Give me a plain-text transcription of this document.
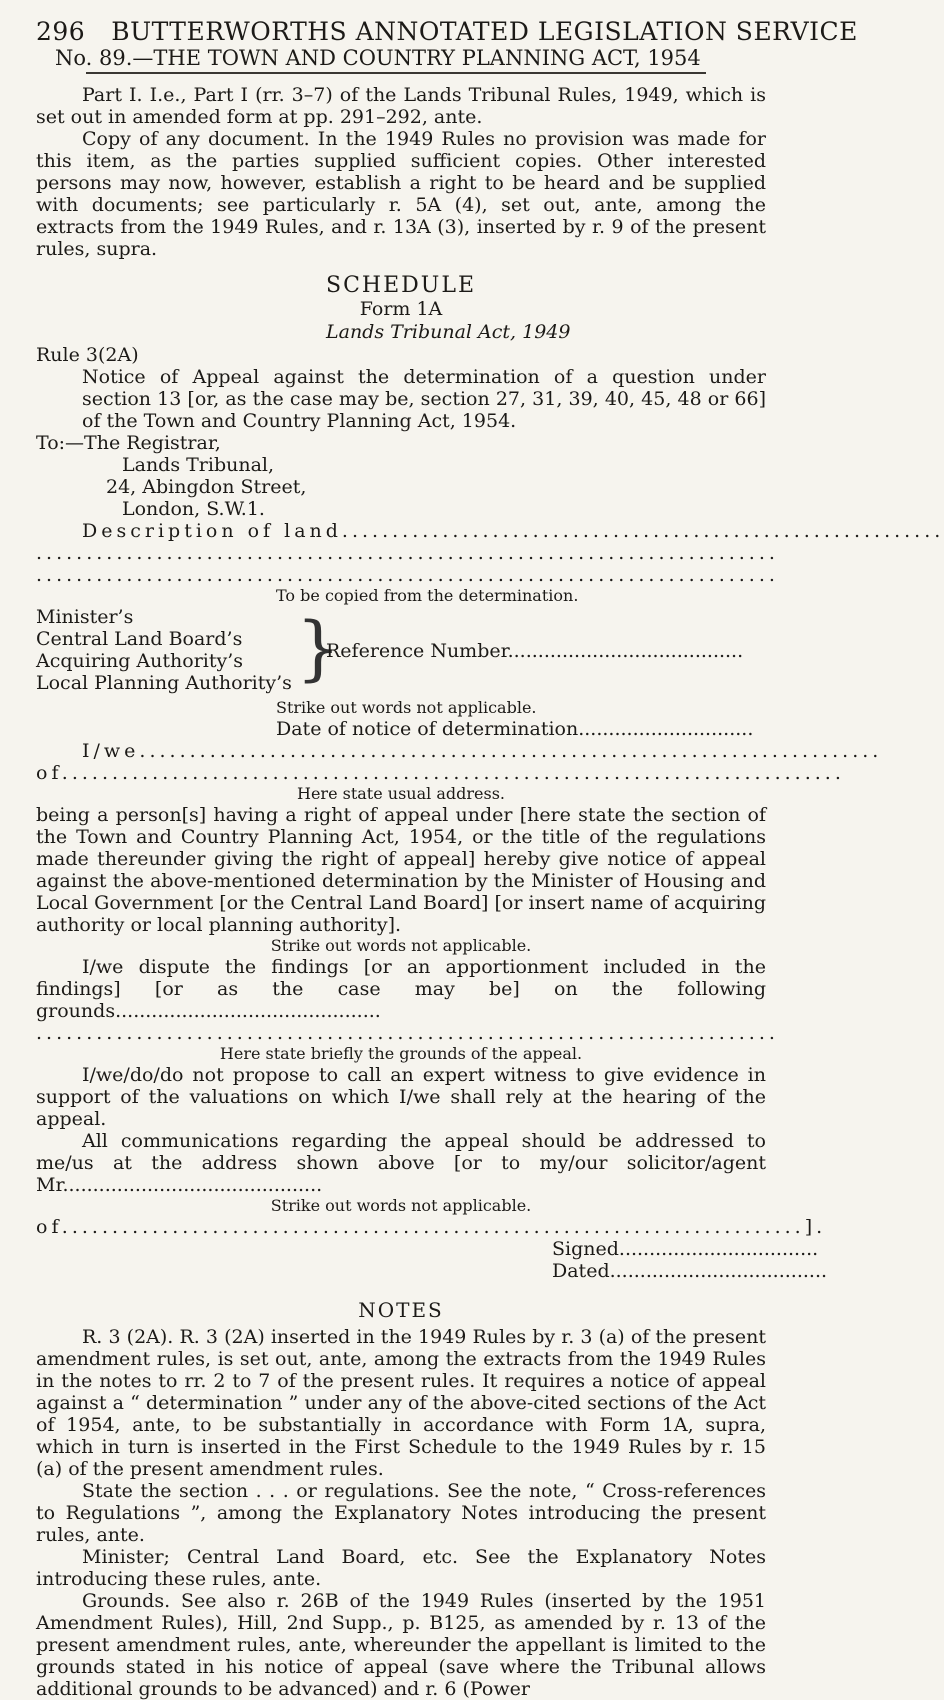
296 BUTTERWORTHS ANNOTATED LEGISLATION SERVICE
No. 89.—THE TOWN AND COUNTRY PLANNING ACT, 1954

Part I. I.e., Part I (rr. 3–7) of the Lands Tribunal Rules, 1949, which is set out in amended form at pp. 291–292, ante.

Copy of any document. In the 1949 Rules no provision was made for this item, as the parties supplied sufficient copies. Other interested persons may now, however, establish a right to be heard and be supplied with documents; see particularly r. 5A (4), set out, ante, among the extracts from the 1949 Rules, and r. 13A (3), inserted by r. 9 of the present rules, supra.

SCHEDULE
Form 1A
Lands Tribunal Act, 1949

Rule 3(2A)

Notice of Appeal against the determination of a question under section 13 [or, as the case may be, section 27, 31, 39, 40, 45, 48 or 66] of the Town and Country Planning Act, 1954.

To:—The Registrar,

Lands Tribunal,

24, Abingdon Street,

London, S.W.1.

Description of land............................................................
..........................................................................
..........................................................................

To be copied from the determination.

Minister’s
Central Land Board’s
Acquiring Authority’s
Local Planning Authority’s }
Reference Number.......................................

Strike out words not applicable.

Date of notice of determination.............................

I/we..........................................................................
of..............................................................................

Here state usual address.

being a person[s] having a right of appeal under [here state the section of the Town and Country Planning Act, 1954, or the title of the regulations made thereunder giving the right of appeal] hereby give notice of appeal against the above-mentioned determination by the Minister of Housing and Local Government [or the Central Land Board] [or insert name of acquiring authority or local planning authority].

Strike out words not applicable.

I/we dispute the findings [or an apportionment included in the findings] [or as the case may be] on the following grounds............................................

..........................................................................

Here state briefly the grounds of the appeal.

I/we/do/do not propose to call an expert witness to give evidence in support of the valuations on which I/we shall rely at the hearing of the appeal.

All communications regarding the appeal should be addressed to me/us at the address shown above [or to my/our solicitor/agent Mr...........................................

Strike out words not applicable.

of..........................................................................].
Signed.................................
Dated....................................
NOTES

R. 3 (2A). R. 3 (2A) inserted in the 1949 Rules by r. 3 (a) of the present amendment rules, is set out, ante, among the extracts from the 1949 Rules in the notes to rr. 2 to 7 of the present rules. It requires a notice of appeal against a “ determination ” under any of the above-cited sections of the Act of 1954, ante, to be substantially in accordance with Form 1A, supra, which in turn is inserted in the First Schedule to the 1949 Rules by r. 15 (a) of the present amendment rules.

State the section . . . or regulations. See the note, “ Cross-references to Regulations ”, among the Explanatory Notes introducing the present rules, ante.

Minister; Central Land Board, etc. See the Explanatory Notes introducing these rules, ante.

Grounds. See also r. 26B of the 1949 Rules (inserted by the 1951 Amendment Rules), Hill, 2nd Supp., p. B125, as amended by r. 13 of the present amendment rules, ante, whereunder the appellant is limited to the grounds stated in his notice of appeal (save where the Tribunal allows additional grounds to be advanced) and r. 6 (Power
